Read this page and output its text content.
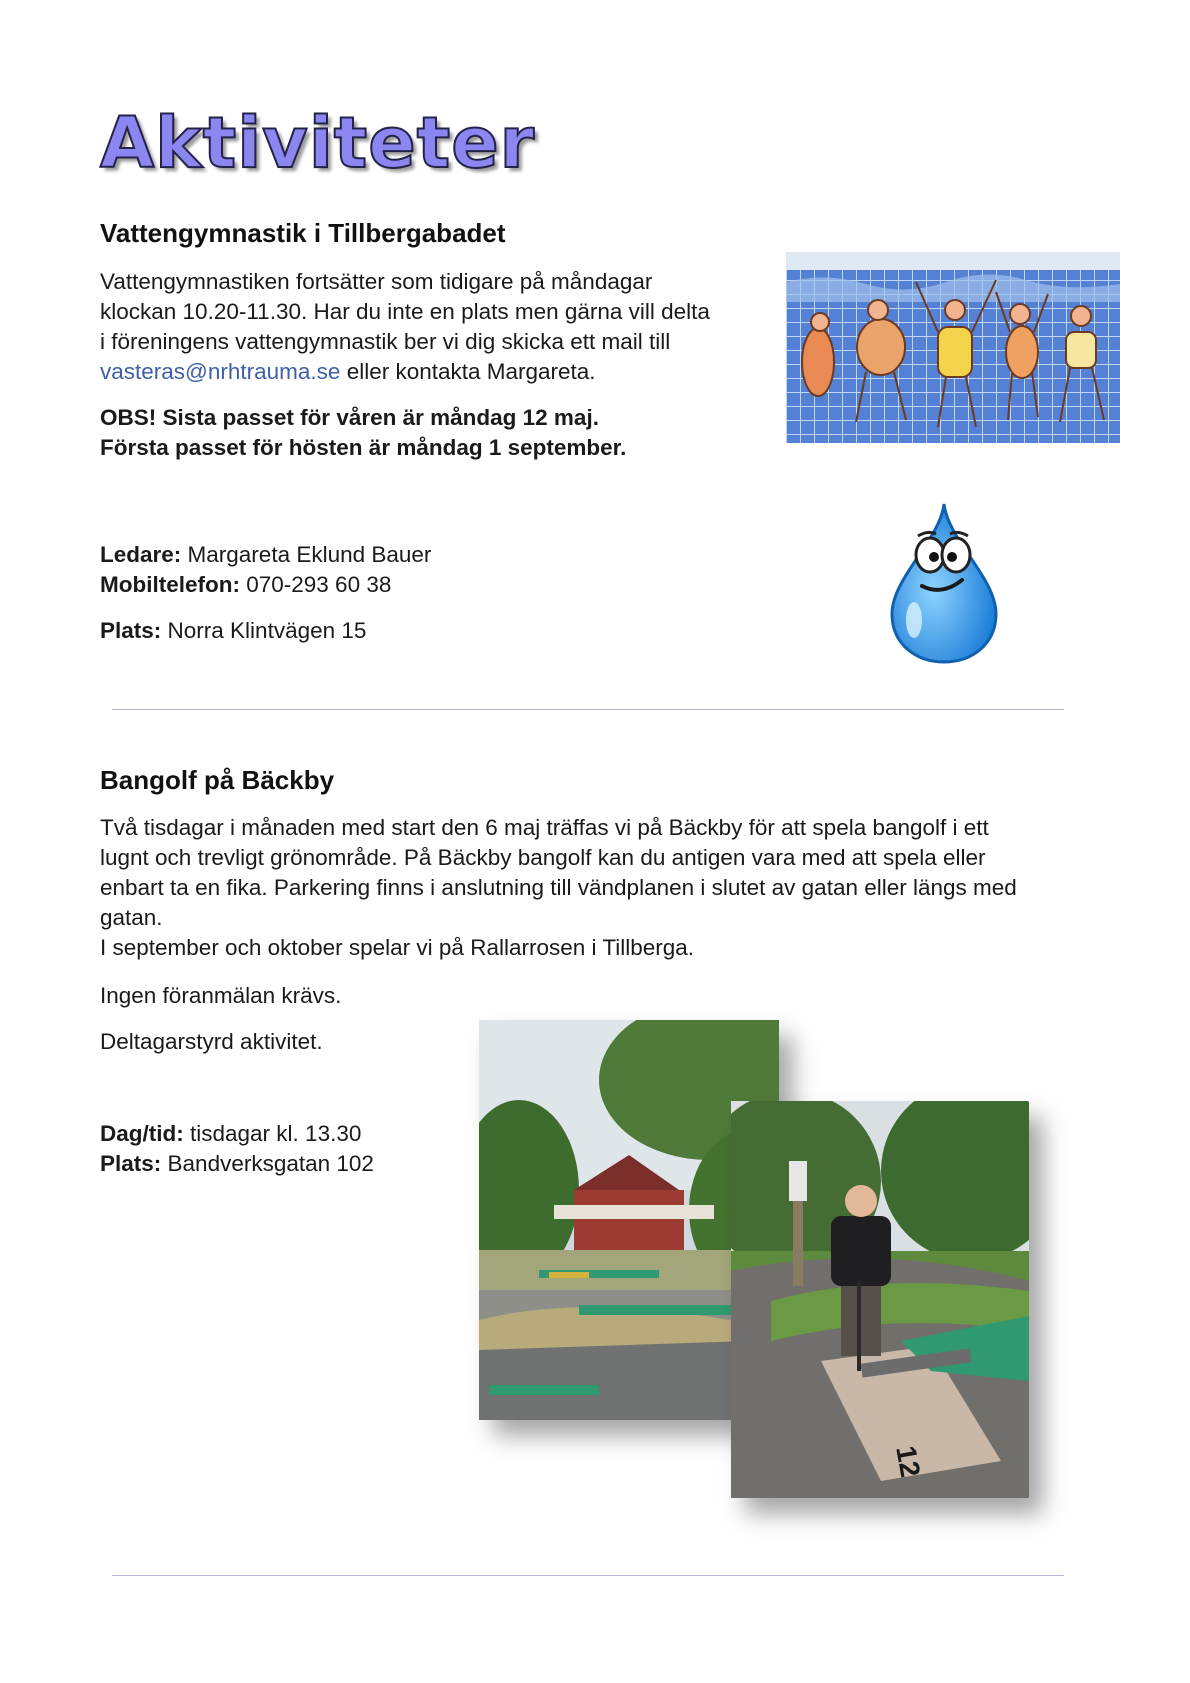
Aktiviteter
Vattengymnastik i Tillbergabadet
Vattengymnastiken fortsätter som tidigare på måndagar
klockan 10.20-11.30. Har du inte en plats men gärna vill delta
i föreningens vattengymnastik ber vi dig skicka ett mail till
vasteras@nrhtrauma.se eller kontakta Margareta.
OBS! Sista passet för våren är måndag 12 maj.
Första passet för hösten är måndag 1 september.
Ledare: Margareta Eklund Bauer
Mobiltelefon: 070-293 60 38
Plats: Norra Klintvägen 15
Bangolf på Bäckby
Två tisdagar i månaden med start den 6 maj träffas vi på Bäckby för att spela bangolf i ett
lugnt och trevligt grönområde. På Bäckby bangolf kan du antigen vara med att spela eller
enbart ta en fika. Parkering finns i anslutning till vändplanen i slutet av gatan eller längs med
gatan.
I september och oktober spelar vi på Rallarrosen i Tillberga.
Ingen föranmälan krävs.
Deltagarstyrd aktivitet.
Dag/tid: tisdagar kl. 13.30
Plats: Bandverksgatan 102
12
